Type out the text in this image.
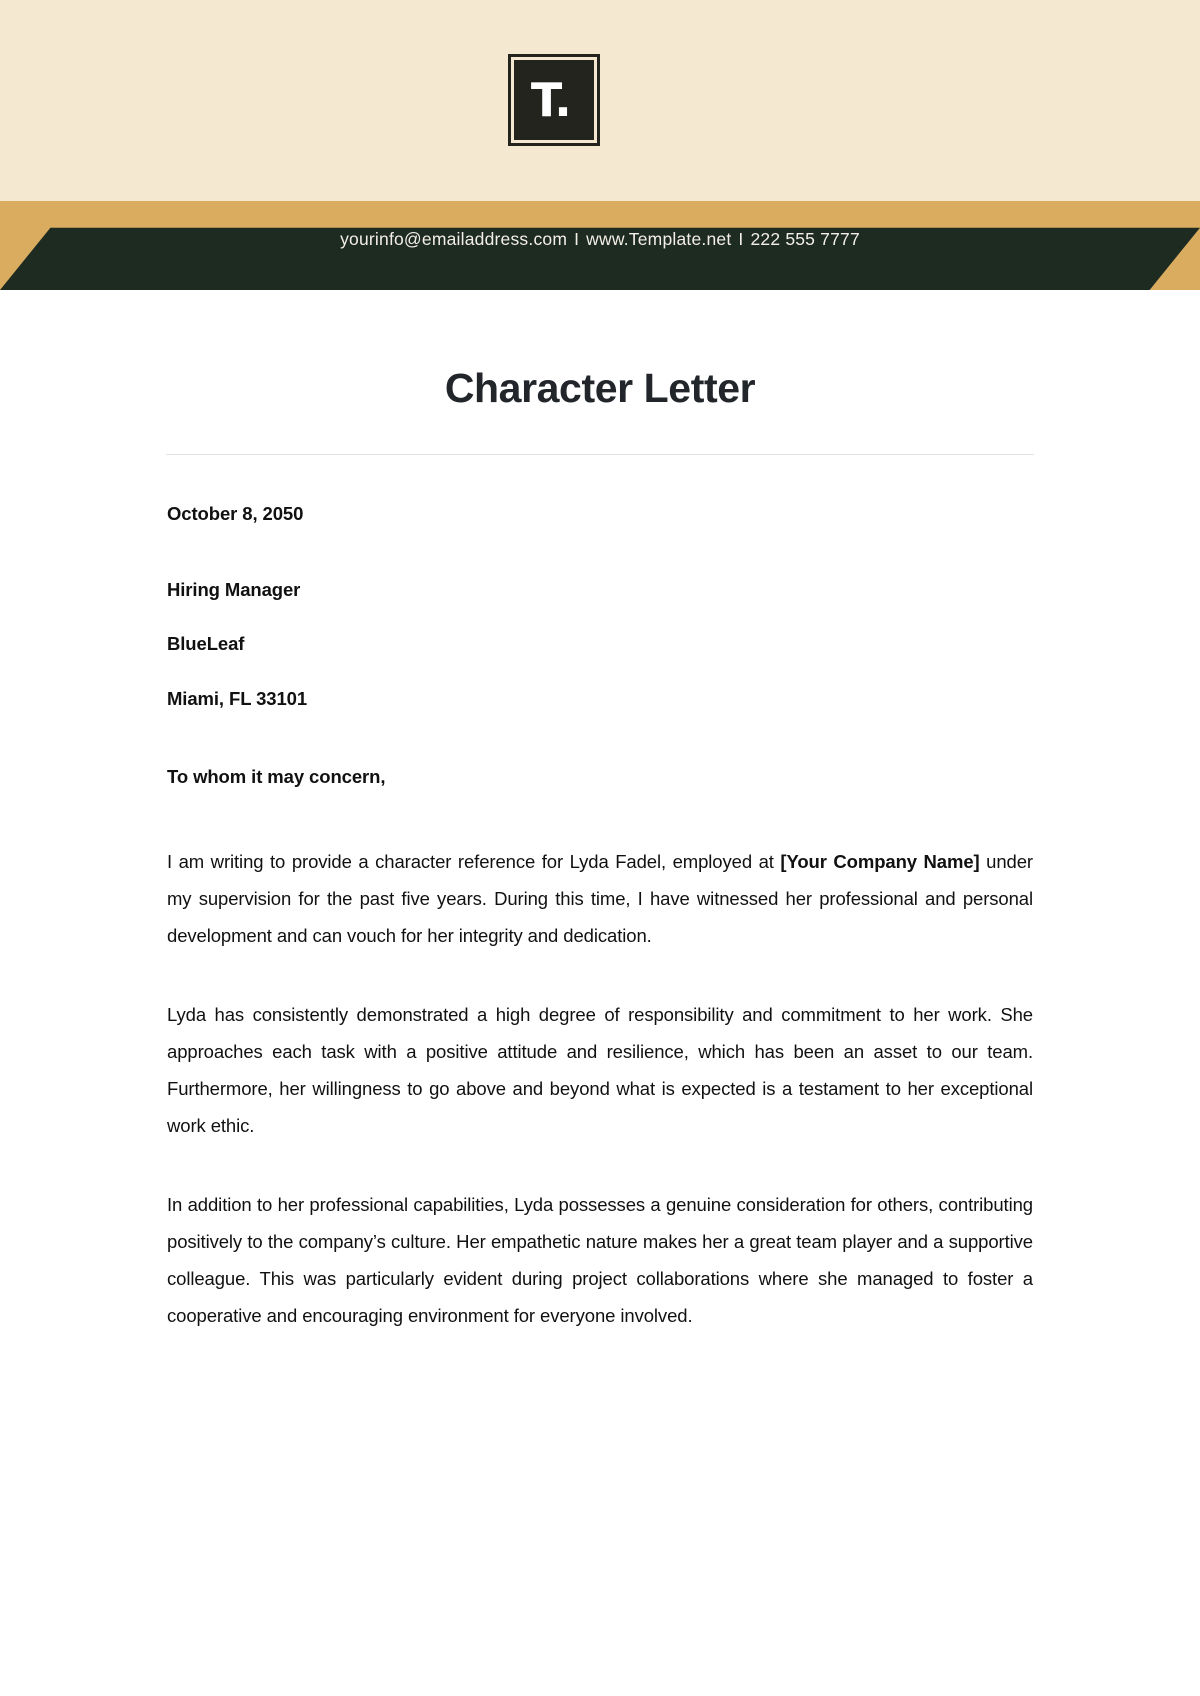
T.
yourinfo@emailaddress.com I www.Template.net I 222 555 7777
Character Letter
October 8, 2050
Hiring Manager
BlueLeaf
Miami, FL 33101
To whom it may concern,

I am writing to provide a character reference for Lyda Fadel, employed at [Your Company Name] under my supervision for the past five years. During this time, I have witnessed her professional and personal development and can vouch for her integrity and dedication.

Lyda has consistently demonstrated a high degree of responsibility and commitment to her work. She approaches each task with a positive attitude and resilience, which has been an asset to our team. Furthermore, her willingness to go above and beyond what is expected is a testament to her exceptional work ethic.

In addition to her professional capabilities, Lyda possesses a genuine consideration for others, contributing positively to the company’s culture. Her empathetic nature makes her a great team player and a supportive colleague. This was particularly evident during project collaborations where she managed to foster a cooperative and encouraging environment for everyone involved.
